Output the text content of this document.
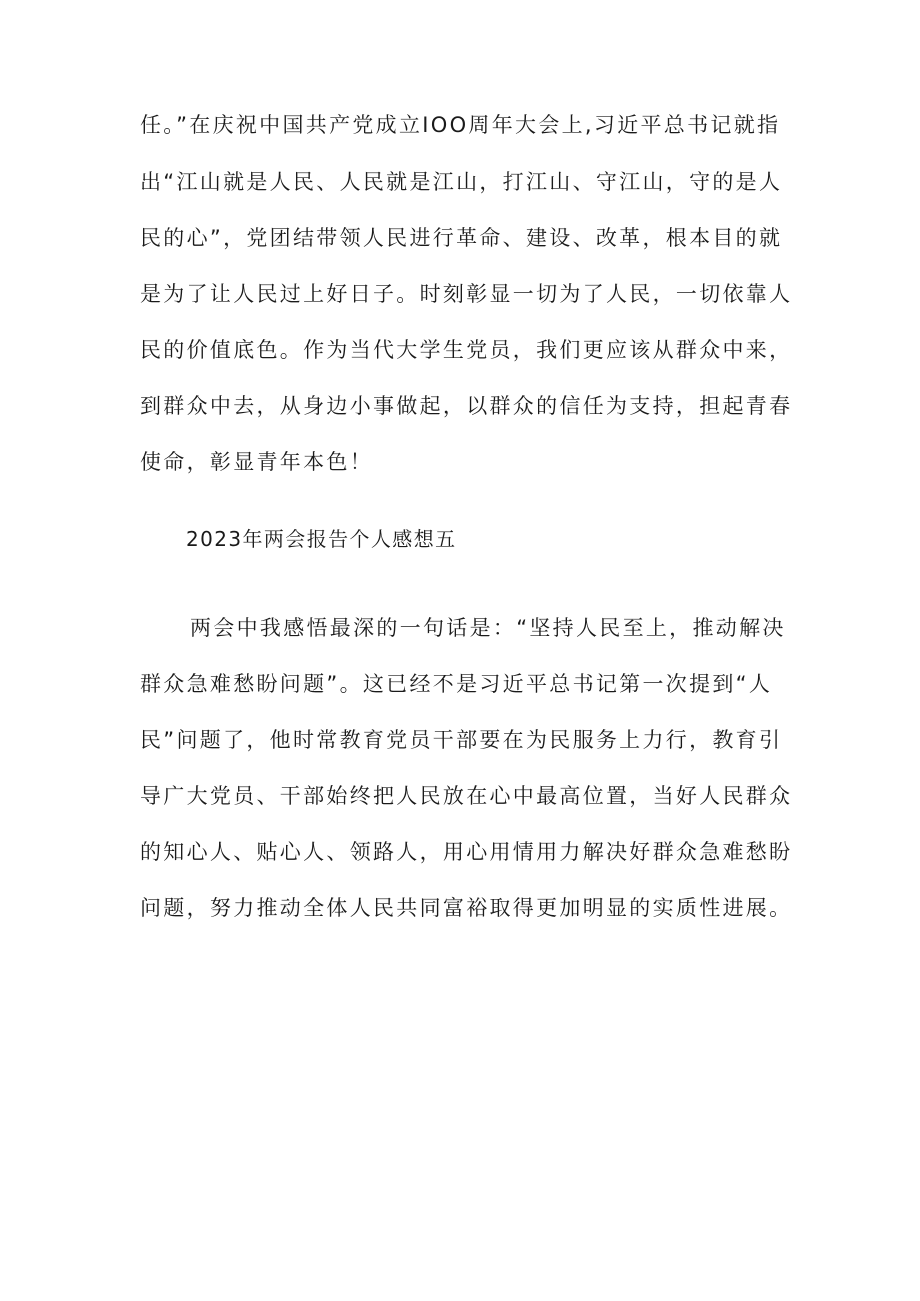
任。”在庆祝中国共产党成立IOO周年大会上,习近平总书记就指
出“江山就是人民、人民就是江山，打江山、守江山，守的是人
民的心”，党团结带领人民进行革命、建设、改革，根本目的就
是为了让人民过上好日子。时刻彰显一切为了人民，一切依靠人
民的价值底色。作为当代大学生党员，我们更应该从群众中来，
到群众中去，从身边小事做起，以群众的信任为支持，担起青春
使命，彰显青年本色！
2023年两会报告个人感想五
两会中我感悟最深的一句话是：“坚持人民至上，推动解决
群众急难愁盼问题”。这已经不是习近平总书记第一次提到“人
民”问题了，他时常教育党员干部要在为民服务上力行，教育引
导广大党员、干部始终把人民放在心中最高位置，当好人民群众
的知心人、贴心人、领路人，用心用情用力解决好群众急难愁盼
问题，努力推动全体人民共同富裕取得更加明显的实质性进展。
